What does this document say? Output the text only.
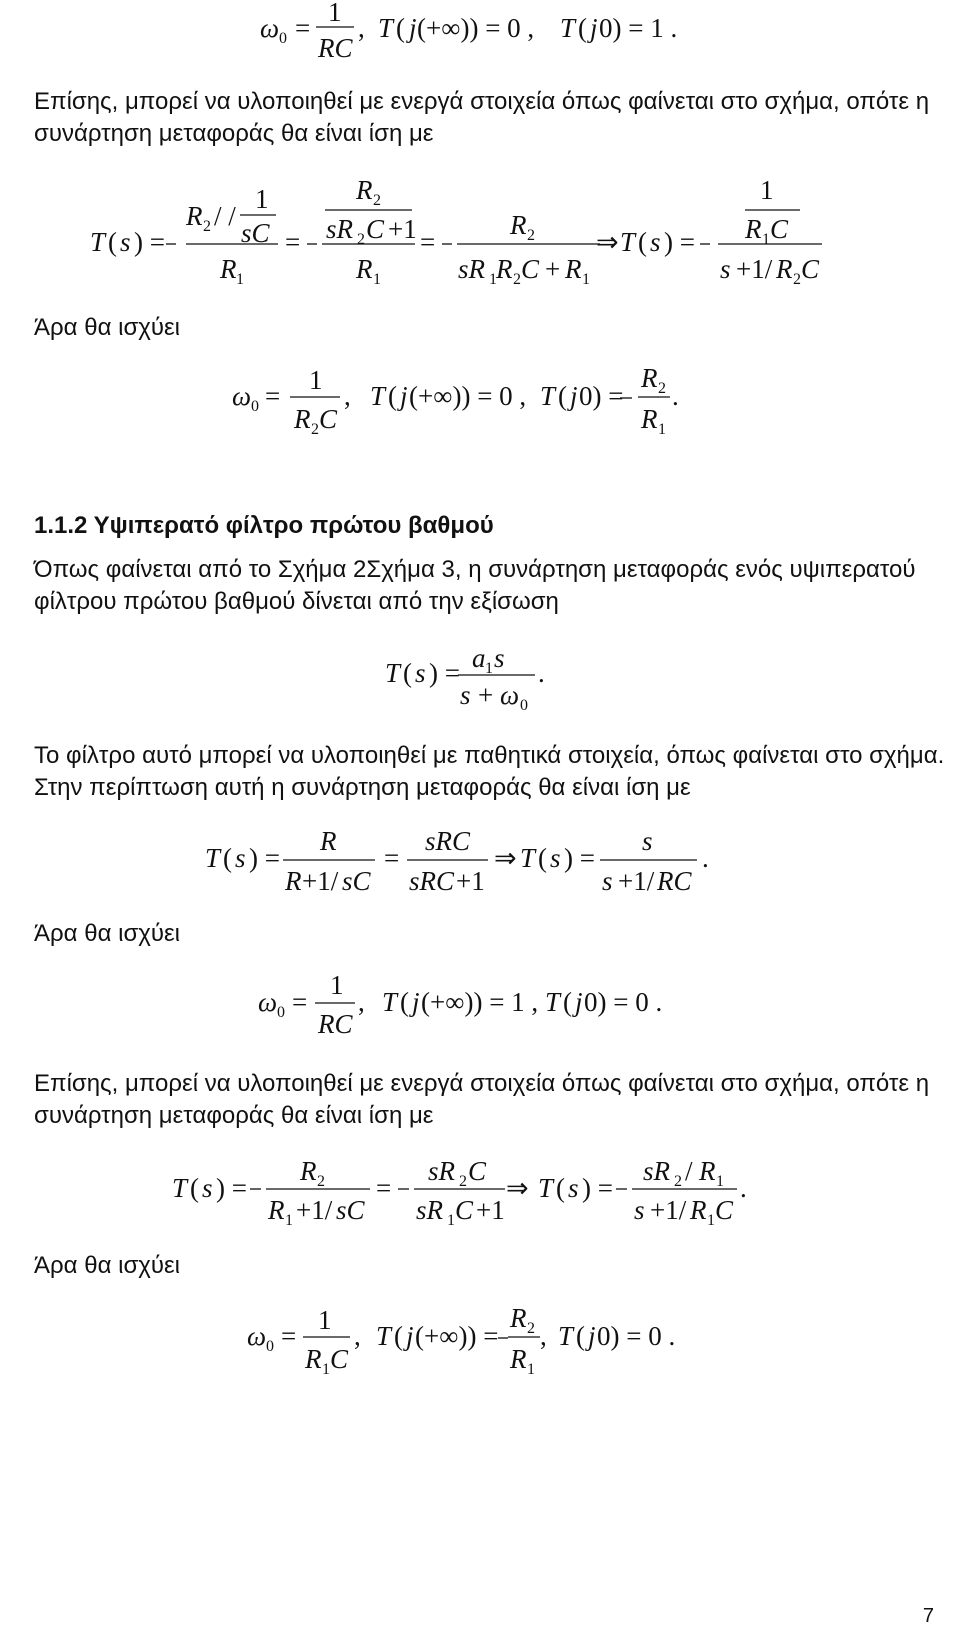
ω 0 =
1
RC
, T ( j (+∞)) = 0 , T ( j 0) = 1 .
Επίσης, μπορεί να υλοποιηθεί με ενεργά στοιχεία όπως φαίνεται στο σχήμα, οπότε η συνάρτηση μεταφοράς θα είναι ίση με
T ( s ) =
R 2 / /
1
sC
R 1
=
R 2
sR 2 C +1
R 1
=
R 2
sR 1 R 2 C + R 1
⇒ T ( s ) =
1
R 1 C
s +1/ R 2 C
Άρα θα ισχύει
ω 0 =
1
R 2 C
, T ( j (+∞)) = 0 , T ( j 0) =
R 2
R 1
.
1.1.2 Υψιπερατό φίλτρο πρώτου βαθμού
Όπως φαίνεται από το Σχήμα 2Σχήμα 3, η συνάρτηση μεταφοράς ενός υψιπερατού φίλτρου πρώτου βαθμού δίνεται από την εξίσωση
T ( s ) = a 1 s
s + ω 0
.
Το φίλτρο αυτό μπορεί να υλοποιηθεί με παθητικά στοιχεία, όπως φαίνεται στο σχήμα. Στην περίπτωση αυτή η συνάρτηση μεταφοράς θα είναι ίση με
T ( s ) =
R
R +1/ sC
=
sRC
sRC +1
⇒ T ( s ) =
s
s +1/ RC
.
Άρα θα ισχύει
ω 0 =
1
RC
, T ( j (+∞)) = 1 , T ( j 0) = 0 .
Επίσης, μπορεί να υλοποιηθεί με ενεργά στοιχεία όπως φαίνεται στο σχήμα, οπότε η συνάρτηση μεταφοράς θα είναι ίση με
T ( s ) =
R 2
R 1 +1/ sC
=
sR 2 C
sR 1 C +1
⇒ T ( s ) =
sR 2 / R 1
s +1/ R 1 C
.
Άρα θα ισχύει
ω 0 =
1
R 1 C
, T ( j (+∞)) =
R 2
R 1
, T ( j 0) = 0 .
7
